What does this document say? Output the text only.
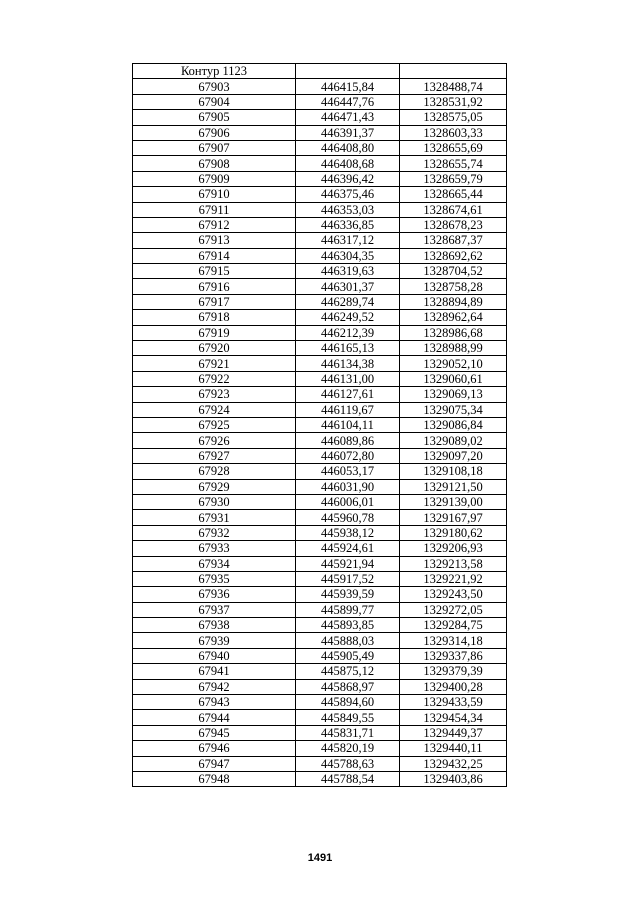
Контур 1123		
67903	446415,84	1328488,74
67904	446447,76	1328531,92
67905	446471,43	1328575,05
67906	446391,37	1328603,33
67907	446408,80	1328655,69
67908	446408,68	1328655,74
67909	446396,42	1328659,79
67910	446375,46	1328665,44
67911	446353,03	1328674,61
67912	446336,85	1328678,23
67913	446317,12	1328687,37
67914	446304,35	1328692,62
67915	446319,63	1328704,52
67916	446301,37	1328758,28
67917	446289,74	1328894,89
67918	446249,52	1328962,64
67919	446212,39	1328986,68
67920	446165,13	1328988,99
67921	446134,38	1329052,10
67922	446131,00	1329060,61
67923	446127,61	1329069,13
67924	446119,67	1329075,34
67925	446104,11	1329086,84
67926	446089,86	1329089,02
67927	446072,80	1329097,20
67928	446053,17	1329108,18
67929	446031,90	1329121,50
67930	446006,01	1329139,00
67931	445960,78	1329167,97
67932	445938,12	1329180,62
67933	445924,61	1329206,93
67934	445921,94	1329213,58
67935	445917,52	1329221,92
67936	445939,59	1329243,50
67937	445899,77	1329272,05
67938	445893,85	1329284,75
67939	445888,03	1329314,18
67940	445905,49	1329337,86
67941	445875,12	1329379,39
67942	445868,97	1329400,28
67943	445894,60	1329433,59
67944	445849,55	1329454,34
67945	445831,71	1329449,37
67946	445820,19	1329440,11
67947	445788,63	1329432,25
67948	445788,54	1329403,86
1491
